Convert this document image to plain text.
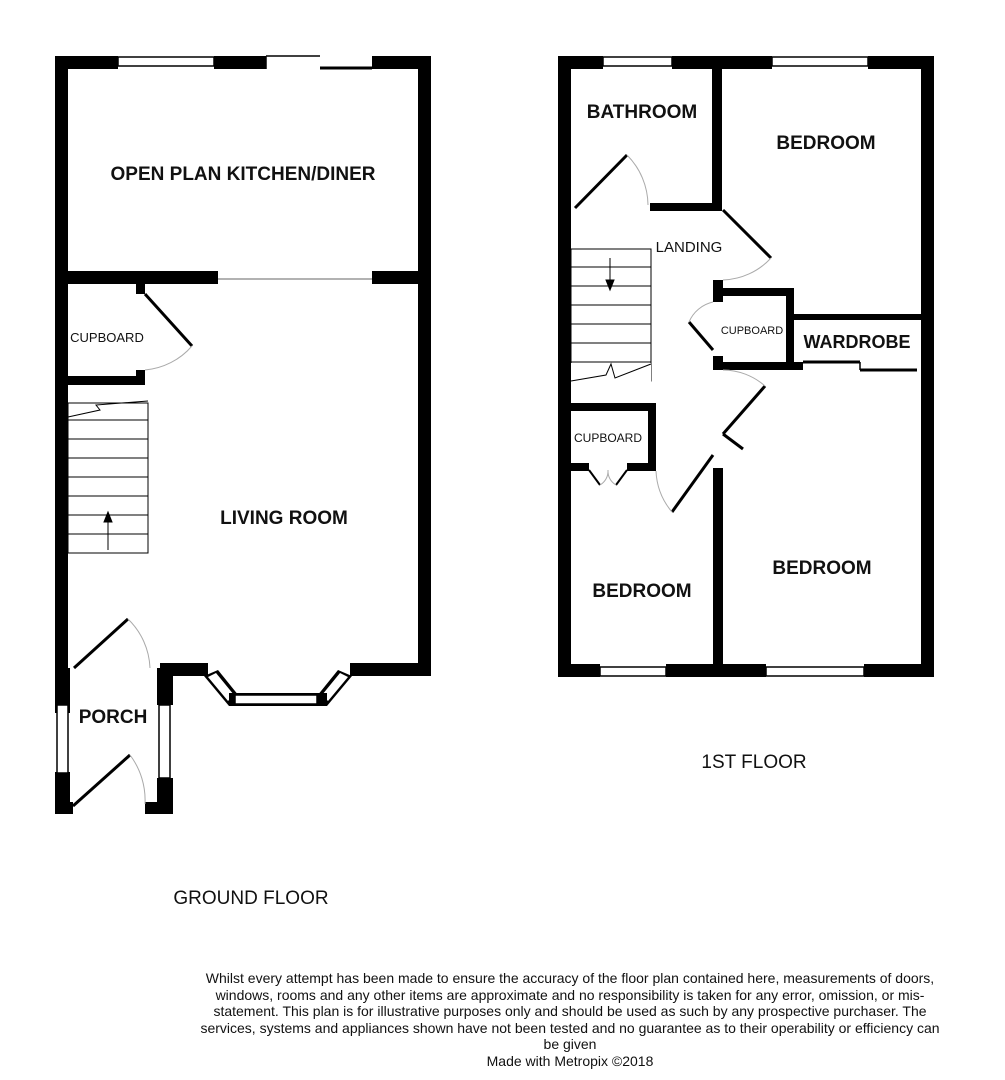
OPEN PLAN KITCHEN/DINER
CUPBOARD
LIVING ROOM
PORCH
GROUND FLOOR
BATHROOM
BEDROOM
LANDING
CUPBOARD
WARDROBE
CUPBOARD
BEDROOM
BEDROOM
1ST FLOOR

Whilst every attempt has been made to ensure the accuracy of the floor plan contained here, measurements of doors, windows, rooms and any other items are approximate and no responsibility is taken for any error, omission, or mis-statement. This plan is for illustrative purposes only and should be used as such by any prospective purchaser. The services, systems and appliances shown have not been tested and no guarantee as to their operability or efficiency can be given

Made with Metropix ©2018
